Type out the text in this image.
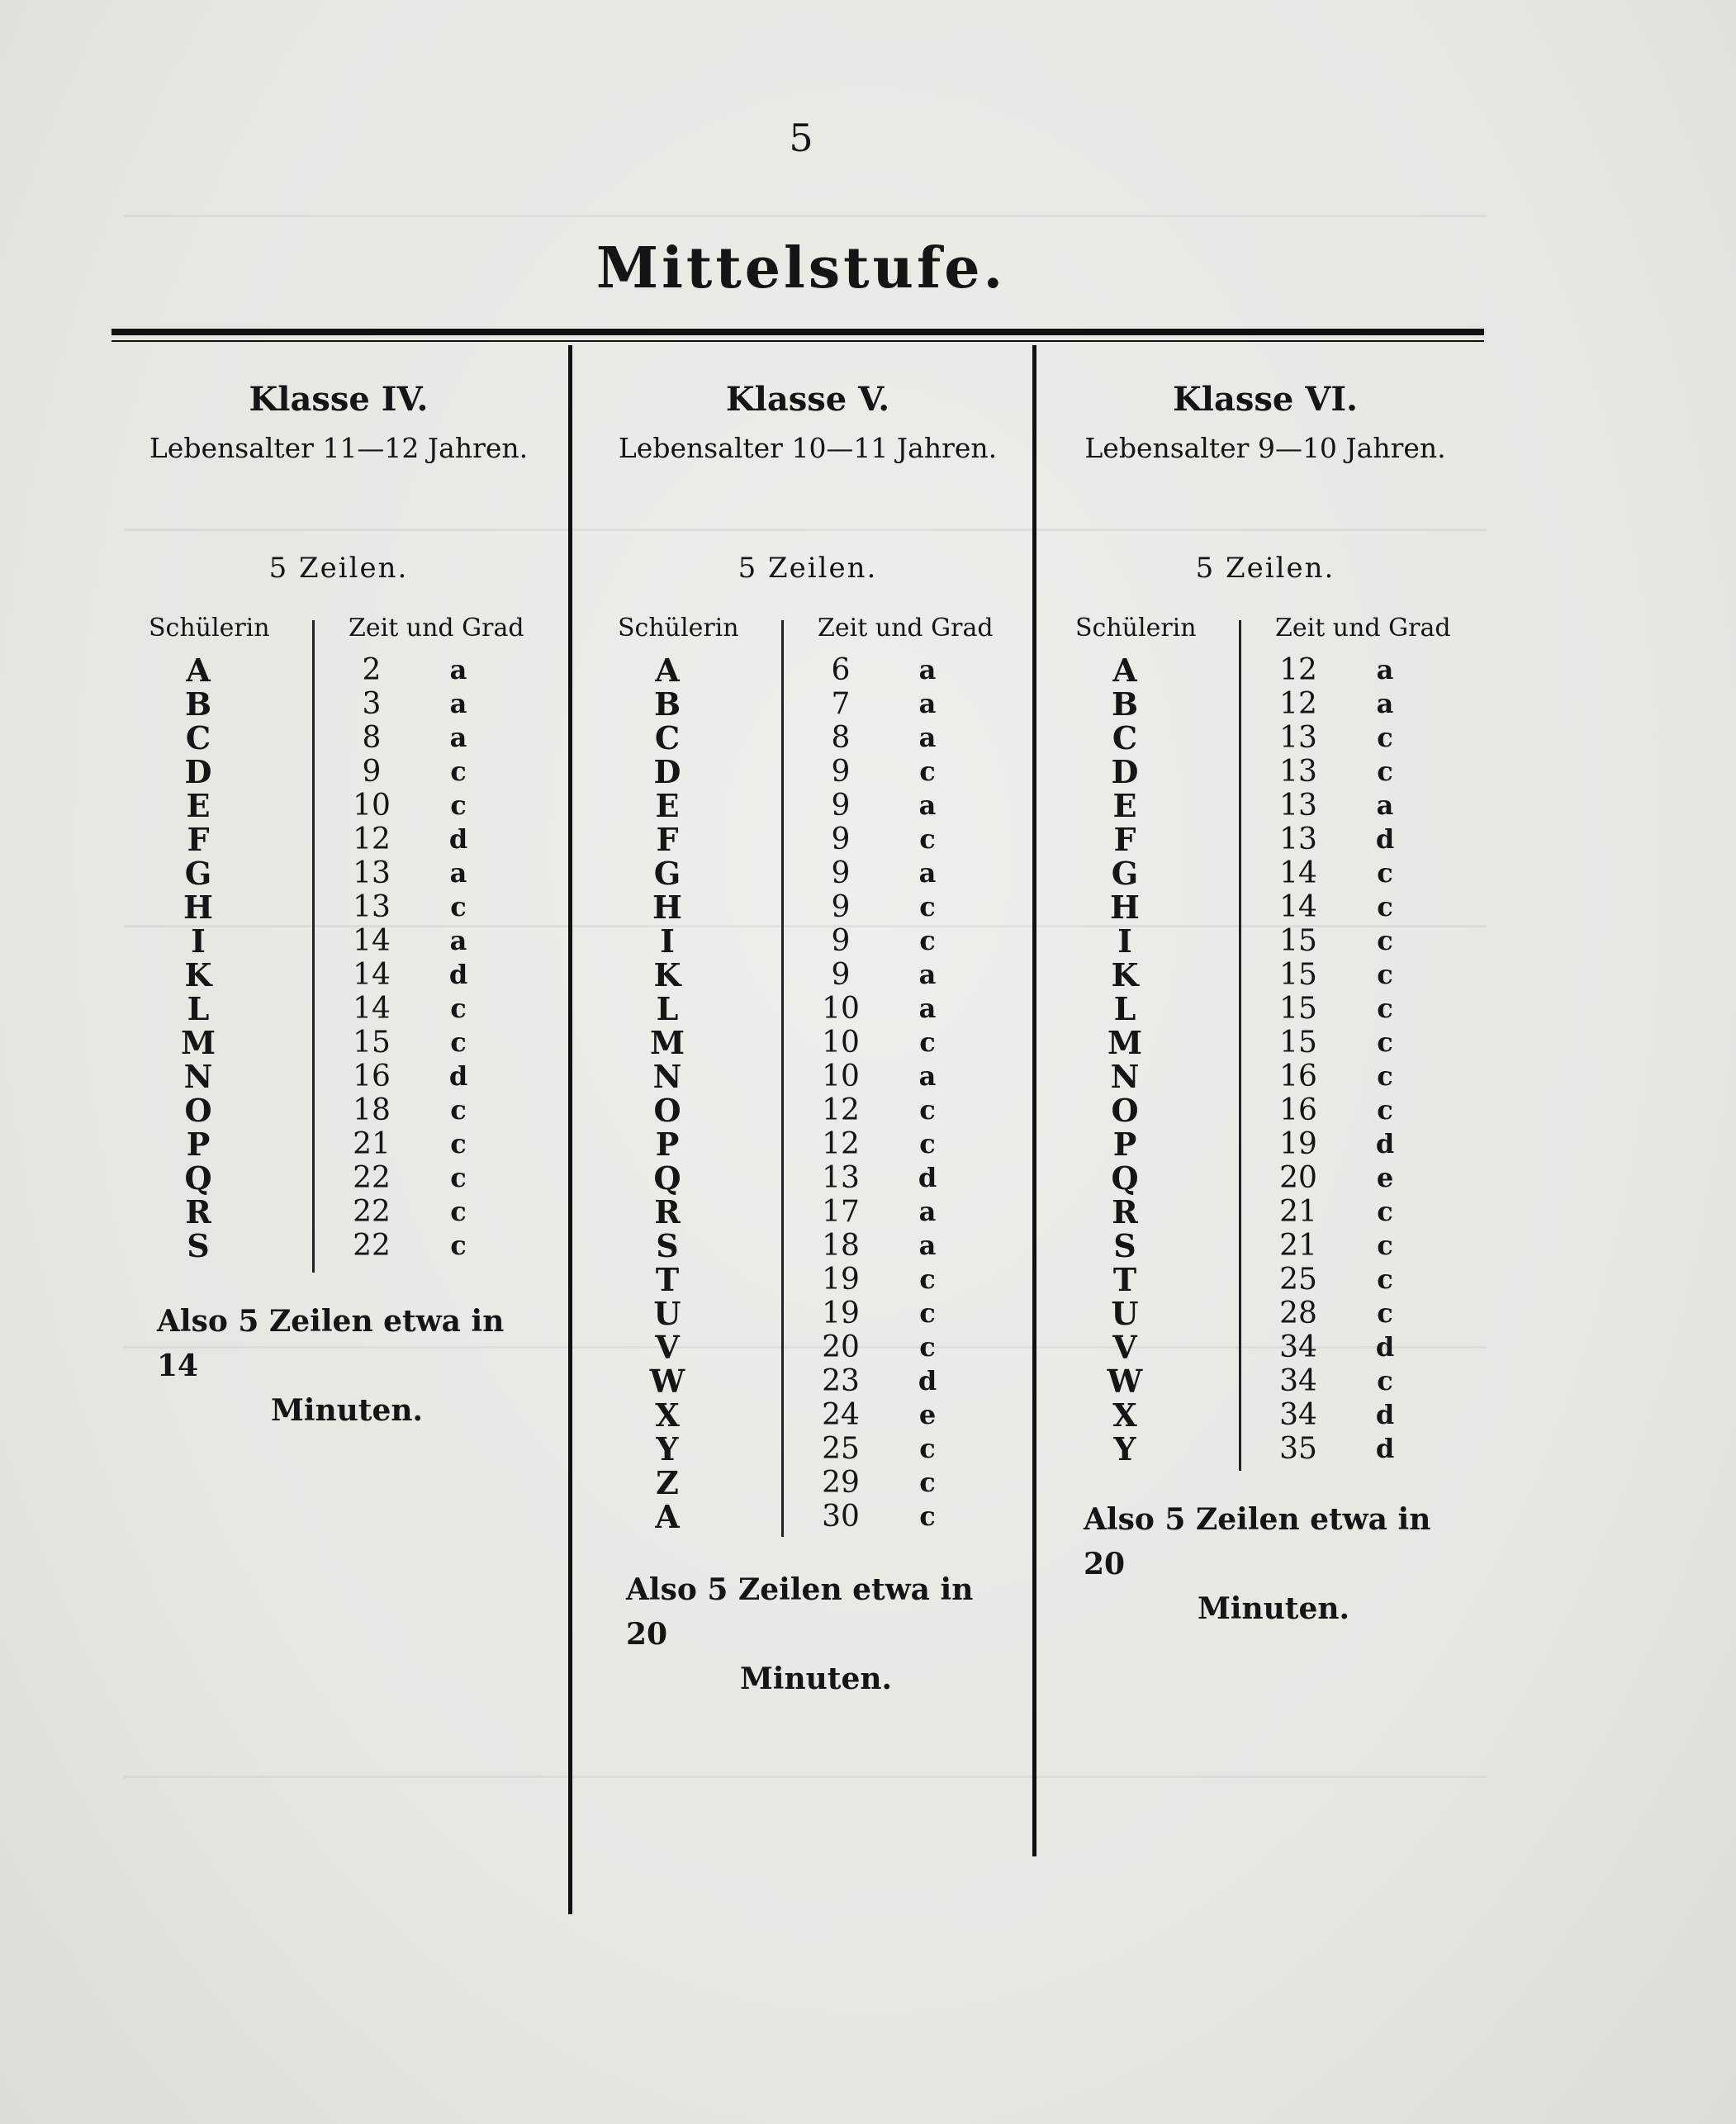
5
Mittelstufe.
Klasse IV.
Lebensalter 11—12 Jahren.
5 Zeilen.
Schülerin	Zeit und Grad
A	2	a
B	3	a
C	8	a
D	9	c
E	10	c
F	12	d
G	13	a
H	13	c
I	14	a
K	14	d
L	14	c
M	15	c
N	16	d
O	18	c
P	21	c
Q	22	c
R	22	c
S	22	c
Also 5 Zeilen etwa in 14
Minuten.
Klasse V.
Lebensalter 10—11 Jahren.
5 Zeilen.
Schülerin	Zeit und Grad
A	6	a
B	7	a
C	8	a
D	9	c
E	9	a
F	9	c
G	9	a
H	9	c
I	9	c
K	9	a
L	10	a
M	10	c
N	10	a
O	12	c
P	12	c
Q	13	d
R	17	a
S	18	a
T	19	c
U	19	c
V	20	c
W	23	d
X	24	e
Y	25	c
Z	29	c
A	30	c
Also 5 Zeilen etwa in 20
Minuten.
Klasse VI.
Lebensalter 9—10 Jahren.
5 Zeilen.
Schülerin	Zeit und Grad
A	12	a
B	12	a
C	13	c
D	13	c
E	13	a
F	13	d
G	14	c
H	14	c
I	15	c
K	15	c
L	15	c
M	15	c
N	16	c
O	16	c
P	19	d
Q	20	e
R	21	c
S	21	c
T	25	c
U	28	c
V	34	d
W	34	c
X	34	d
Y	35	d
Also 5 Zeilen etwa in 20
Minuten.
